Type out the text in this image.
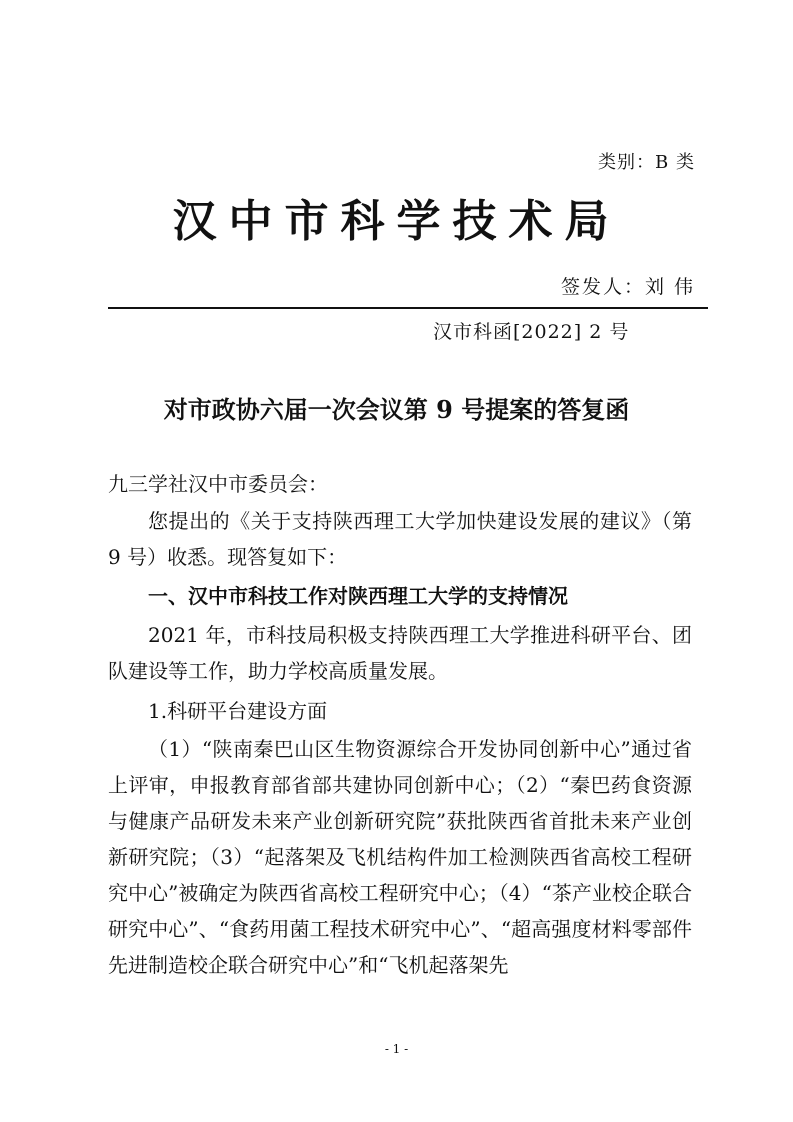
类别：B 类
汉中市科学技术局
签发人：刘 伟
汉市科函[2022] 2 号
对市政协六届一次会议第 9 号提案的答复函
九三学社汉中市委员会：
您提出的《关于支持陕西理工大学加快建设发展的建议》（第 9 号）收悉。现答复如下：
一、汉中市科技工作对陕西理工大学的支持情况
2021 年，市科技局积极支持陕西理工大学推进科研平台、团队建设等工作，助力学校高质量发展。
1.科研平台建设方面
（1）“陕南秦巴山区生物资源综合开发协同创新中心”通过省上评审，申报教育部省部共建协同创新中心；（2）“秦巴药食资源与健康产品研发未来产业创新研究院”获批陕西省首批未来产业创新研究院；（3）“起落架及飞机结构件加工检测陕西省高校工程研究中心”被确定为陕西省高校工程研究中心；（4）“茶产业校企联合研究中心”、“食药用菌工程技术研究中心”、“超高强度材料零部件先进制造校企联合研究中心”和“飞机起落架先
- 1 -
